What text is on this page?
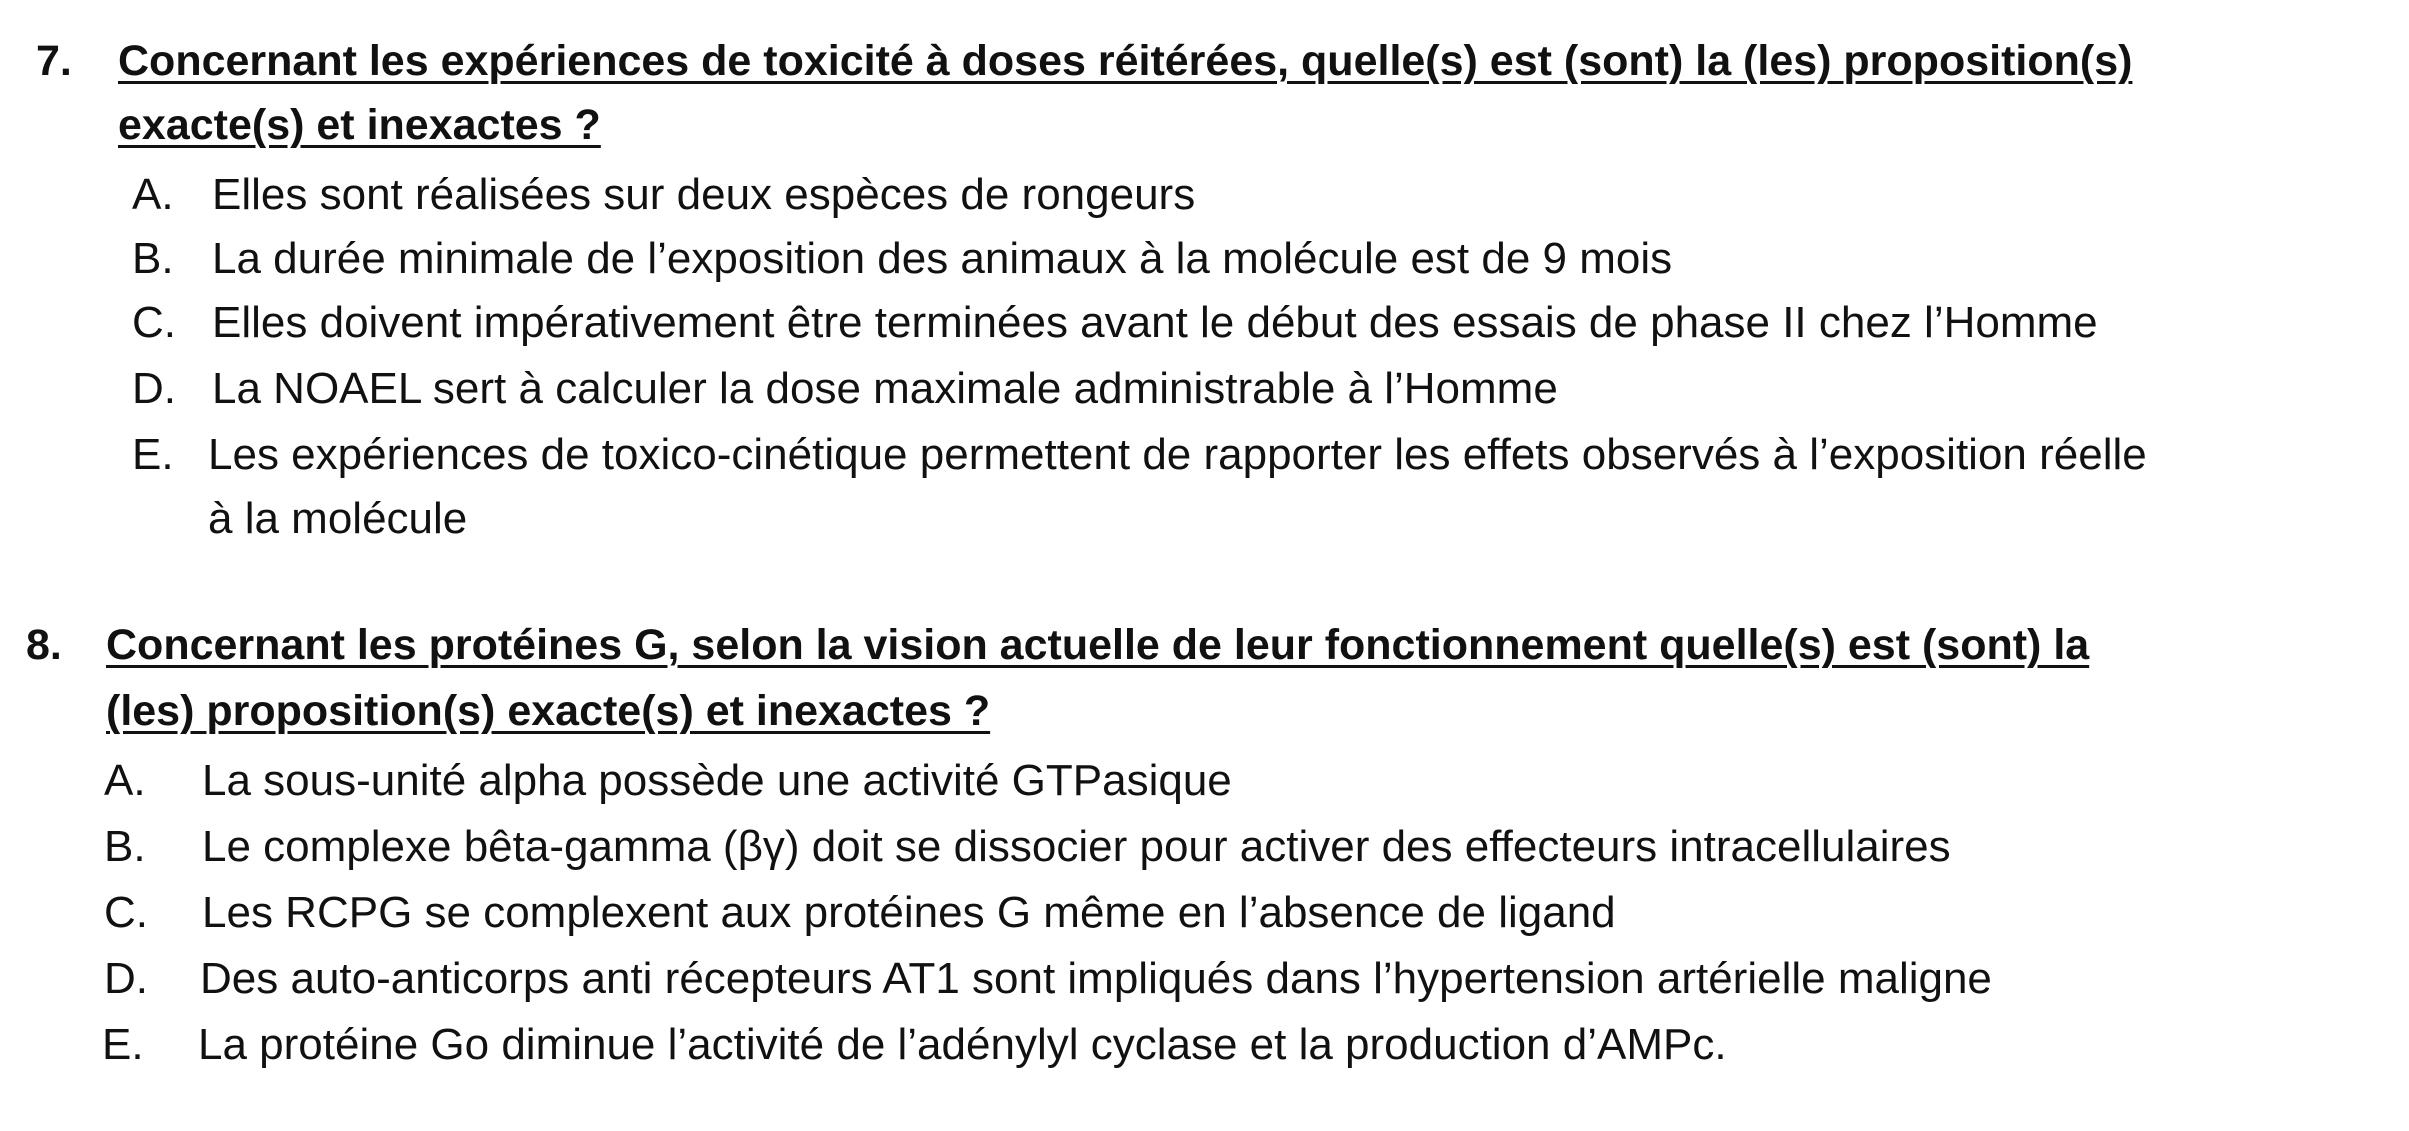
7. Concernant les expériences de toxicité à doses réitérées, quelle(s) est (sont) la (les) proposition(s)
exacte(s) et inexactes ?
A. Elles sont réalisées sur deux espèces de rongeurs
B. La durée minimale de l’exposition des animaux à la molécule est de 9 mois
C. Elles doivent impérativement être terminées avant le début des essais de phase II chez l’Homme
D. La NOAEL sert à calculer la dose maximale administrable à l’Homme
E. Les expériences de toxico-cinétique permettent de rapporter les effets observés à l’exposition réelle
à la molécule
8. Concernant les protéines G, selon la vision actuelle de leur fonctionnement quelle(s) est (sont) la
(les) proposition(s) exacte(s) et inexactes ?
A. La sous-unité alpha possède une activité GTPasique
B. Le complexe bêta-gamma (βγ) doit se dissocier pour activer des effecteurs intracellulaires
C. Les RCPG se complexent aux protéines G même en l’absence de ligand
D. Des auto-anticorps anti récepteurs AT1 sont impliqués dans l’hypertension artérielle maligne
E. La protéine Go diminue l’activité de l’adénylyl cyclase et la production d’AMPc.
